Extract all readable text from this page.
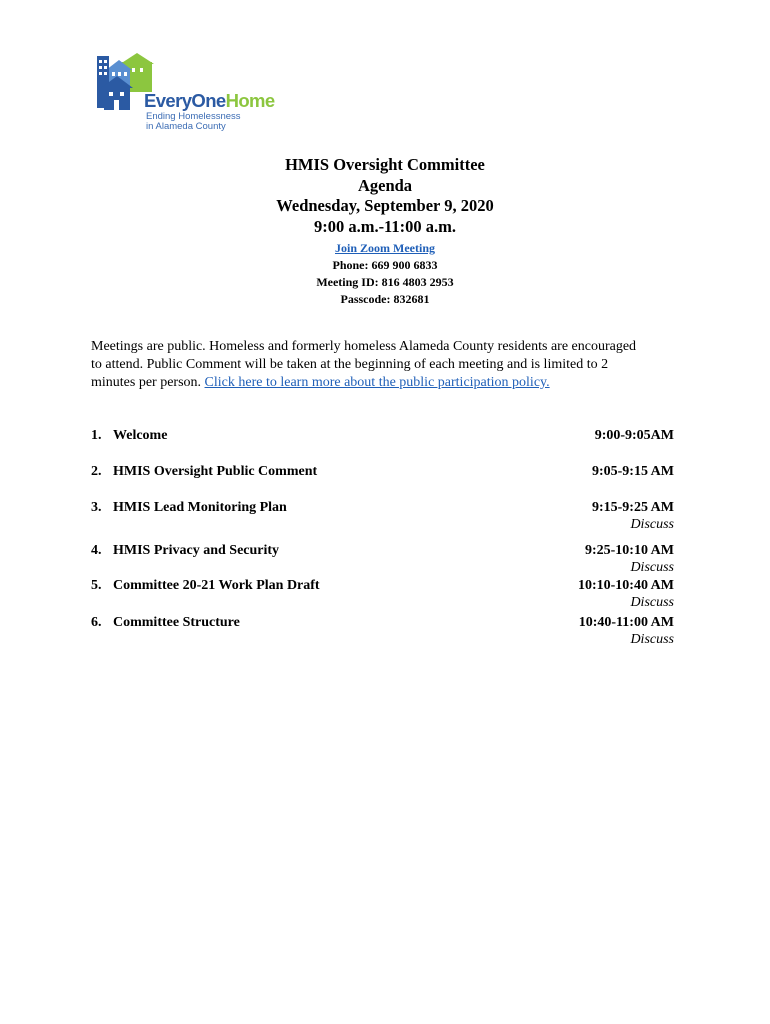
EveryOneHome
Ending Homelessness
in Alameda County
HMIS Oversight Committee
Agenda
Wednesday, September 9, 2020
9:00 a.m.-11:00 a.m.
Join Zoom Meeting
Phone: 669 900 6833
Meeting ID: 816 4803 2953
Passcode: 832681
Meetings are public. Homeless and formerly homeless Alameda County residents are encouraged
to attend. Public Comment will be taken at the beginning of each meeting and is limited to 2
minutes per person. Click here to learn more about the public participation policy.
1. Welcome	9:00-9:05AM
2. HMIS Oversight Public Comment	9:05-9:15 AM
3. HMIS Lead Monitoring Plan	9:15-9:25 AM
Discuss
4. HMIS Privacy and Security	9:25-10:10 AM
Discuss
5. Committee 20-21 Work Plan Draft	10:10-10:40 AM
Discuss
6. Committee Structure	10:40-11:00 AM
Discuss
